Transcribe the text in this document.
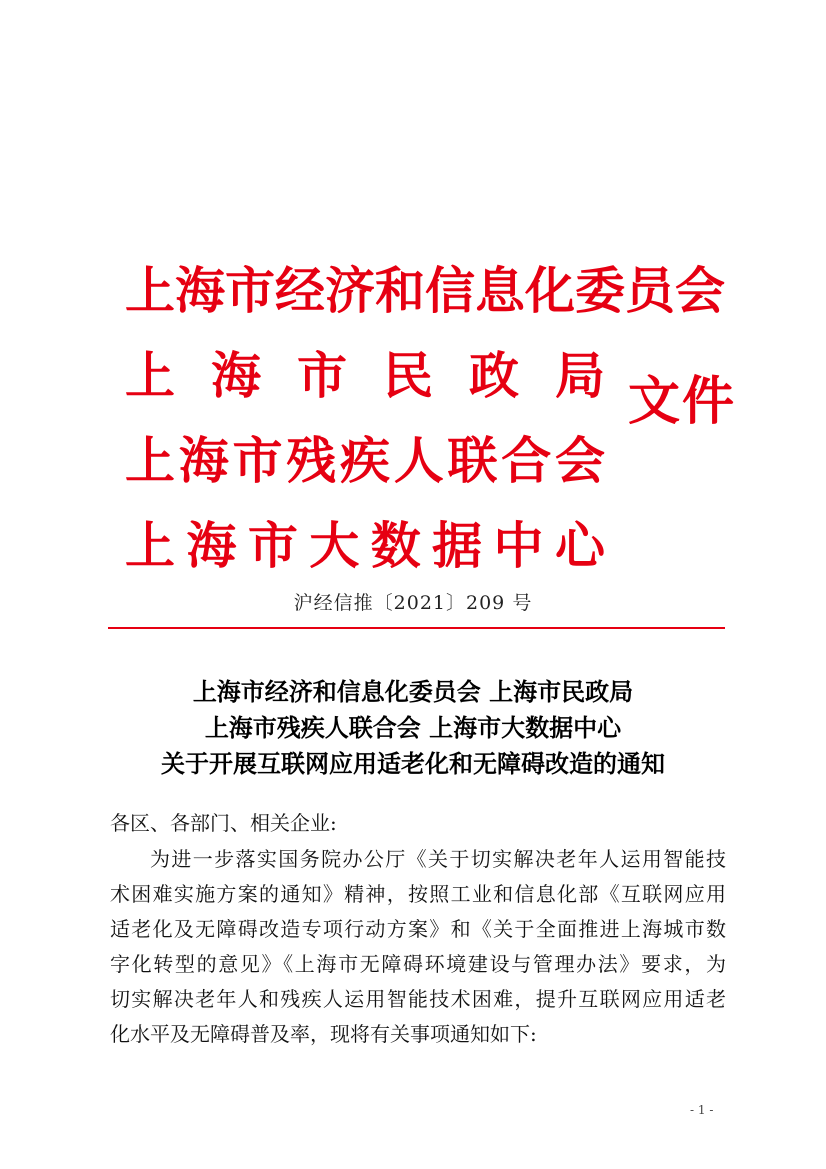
上 海 市 经 济 和 信 息 化 委 员 会
上 海 市 民 政 局
上 海 市 残 疾 人 联 合 会
上 海 市 大 数 据 中 心
文件
沪经信推〔2021〕209 号
上海市经济和信息化委员会 上海市民政局
上海市残疾人联合会 上海市大数据中心
关于开展互联网应用适老化和无障碍改造的通知
各区、各部门、相关企业:
为进一步落实国务院办公厅《关于切实解决老年人运用智能技
术困难实施方案的通知》精神，按照工业和信息化部《互联网应用
适老化及无障碍改造专项行动方案》和《关于全面推进上海城市数
字化转型的意见》《上海市无障碍环境建设与管理办法》要求，为
切实解决老年人和残疾人运用智能技术困难，提升互联网应用适老
化水平及无障碍普及率，现将有关事项通知如下:
- 1 -
